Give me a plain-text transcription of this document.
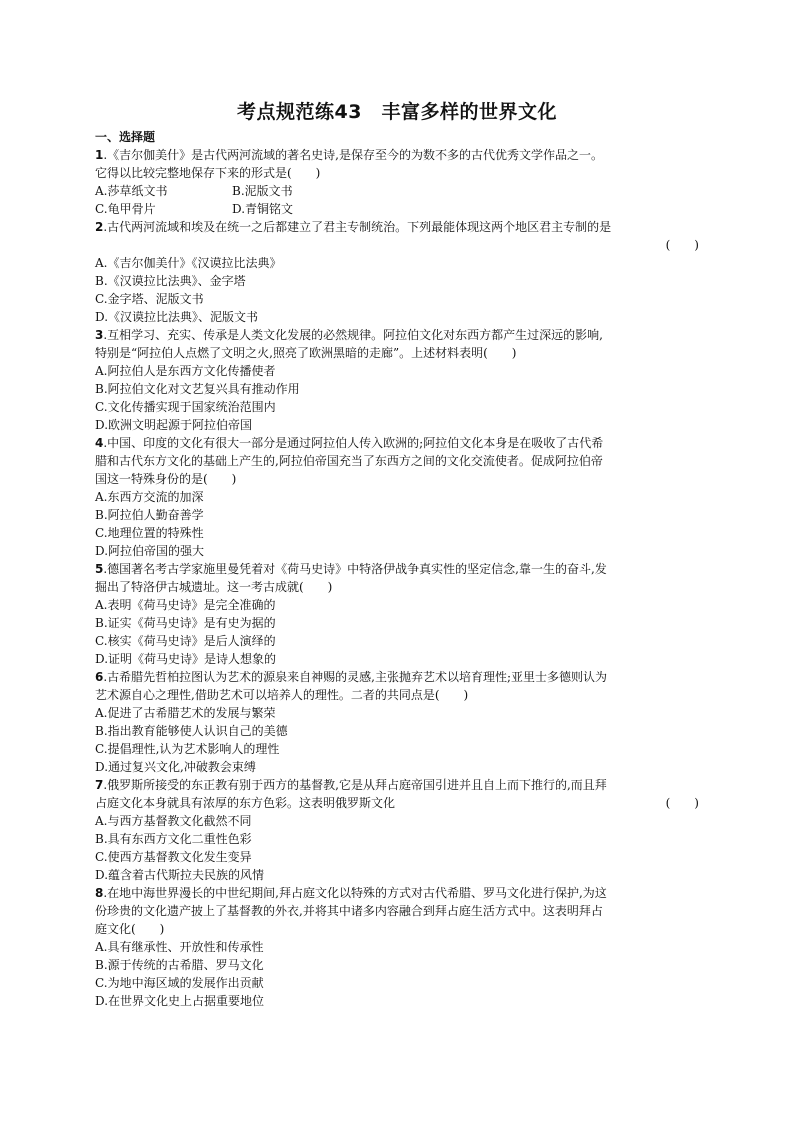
考点规范练43　丰富多样的世界文化
一、选择题

1.《吉尔伽美什》是古代两河流域的著名史诗,是保存至今的为数不多的古代优秀文学作品之一。
它得以比较完整地保存下来的形式是(　　)

A.莎草纸文书	B.泥版文书
C.龟甲骨片	D.青铜铭文

2.古代两河流域和埃及在统一之后都建立了君主专制统治。下列最能体现这两个地区君主专制的是
(　　)

A.《吉尔伽美什》《汉谟拉比法典》
B.《汉谟拉比法典》、金字塔
C.金字塔、泥版文书
D.《汉谟拉比法典》、泥版文书

3.互相学习、充实、传承是人类文化发展的必然规律。阿拉伯文化对东西方都产生过深远的影响,
特别是“阿拉伯人点燃了文明之火,照亮了欧洲黑暗的走廊”。上述材料表明(　　)

A.阿拉伯人是东西方文化传播使者
B.阿拉伯文化对文艺复兴具有推动作用
C.文化传播实现于国家统治范围内
D.欧洲文明起源于阿拉伯帝国

4.中国、印度的文化有很大一部分是通过阿拉伯人传入欧洲的;阿拉伯文化本身是在吸收了古代希
腊和古代东方文化的基础上产生的,阿拉伯帝国充当了东西方之间的文化交流使者。促成阿拉伯帝
国这一特殊身份的是(　　)

A.东西方交流的加深
B.阿拉伯人勤奋善学
C.地理位置的特殊性
D.阿拉伯帝国的强大

5.德国著名考古学家施里曼凭着对《荷马史诗》中特洛伊战争真实性的坚定信念,靠一生的奋斗,发
掘出了特洛伊古城遗址。这一考古成就(　　)

A.表明《荷马史诗》是完全准确的
B.证实《荷马史诗》是有史为据的
C.核实《荷马史诗》是后人演绎的
D.证明《荷马史诗》是诗人想象的

6.古希腊先哲柏拉图认为艺术的源泉来自神赐的灵感,主张抛弃艺术以培育理性;亚里士多德则认为
艺术源自心之理性,借助艺术可以培养人的理性。二者的共同点是(　　)

A.促进了古希腊艺术的发展与繁荣
B.指出教育能够使人认识自己的美德
C.提倡理性,认为艺术影响人的理性
D.通过复兴文化,冲破教会束缚

7.俄罗斯所接受的东正教有别于西方的基督教,它是从拜占庭帝国引进并且自上而下推行的,而且拜
占庭文化本身就具有浓厚的东方色彩。这表明俄罗斯文化	(　　)

A.与西方基督教文化截然不同
B.具有东西方文化二重性色彩
C.使西方基督教文化发生变异
D.蕴含着古代斯拉夫民族的风情

8.在地中海世界漫长的中世纪期间,拜占庭文化以特殊的方式对古代希腊、罗马文化进行保护,为这
份珍贵的文化遗产披上了基督教的外衣,并将其中诸多内容融合到拜占庭生活方式中。这表明拜占
庭文化(　　)

A.具有继承性、开放性和传承性
B.源于传统的古希腊、罗马文化
C.为地中海区域的发展作出贡献
D.在世界文化史上占据重要地位
